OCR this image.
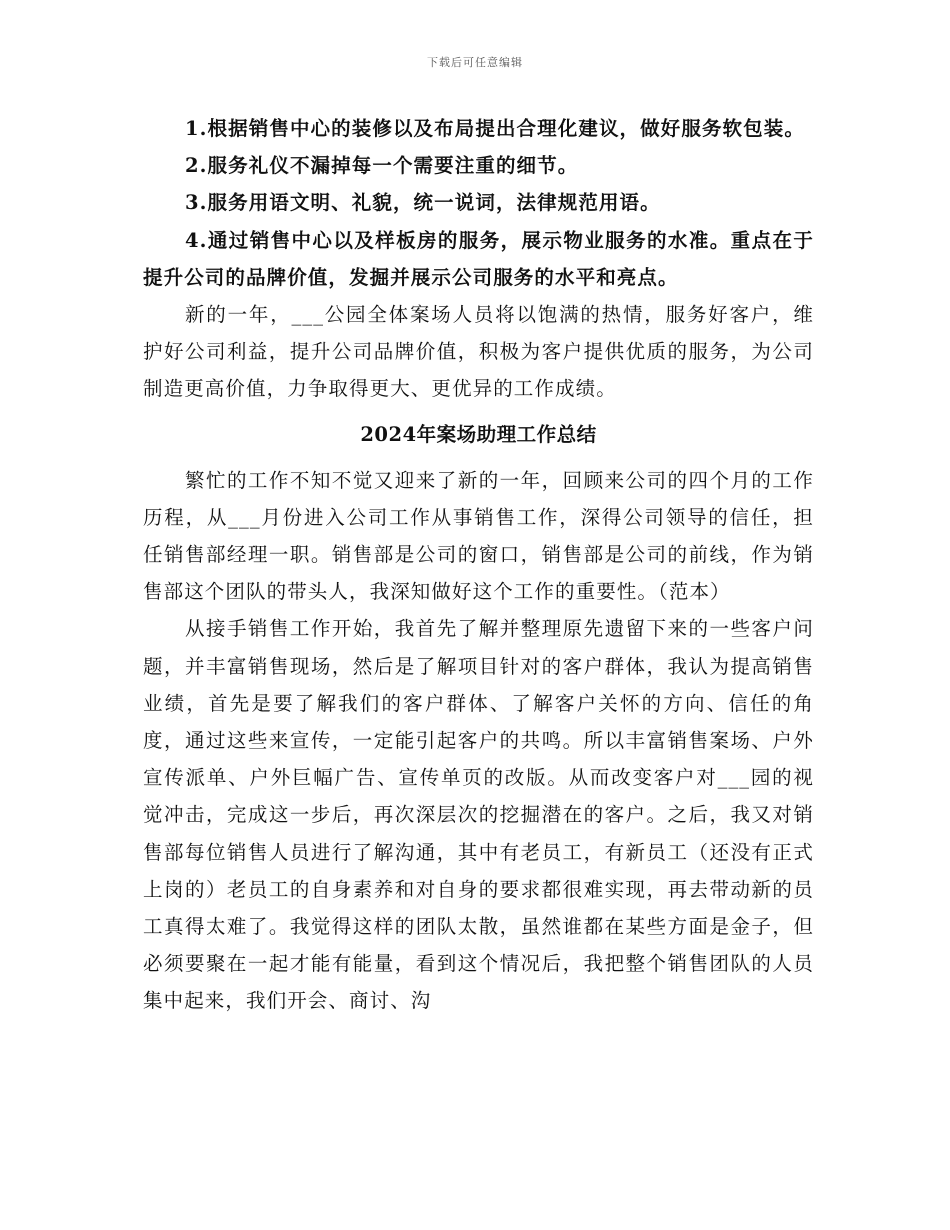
下载后可任意编辑

1.根据销售中心的装修以及布局提出合理化建议，做好服务软包装。

2.服务礼仪不漏掉每一个需要注重的细节。

3.服务用语文明、礼貌，统一说词，法律规范用语。

4.通过销售中心以及样板房的服务，展示物业服务的水准。重点在于提升公司的品牌价值，发掘并展示公司服务的水平和亮点。

新的一年，___公园全体案场人员将以饱满的热情，服务好客户，维护好公司利益，提升公司品牌价值，积极为客户提供优质的服务，为公司制造更高价值，力争取得更大、更优异的工作成绩。

2024年案场助理工作总结

繁忙的工作不知不觉又迎来了新的一年，回顾来公司的四个月的工作历程，从___月份进入公司工作从事销售工作，深得公司领导的信任，担任销售部经理一职。销售部是公司的窗口，销售部是公司的前线，作为销售部这个团队的带头人，我深知做好这个工作的重要性。（范本）

从接手销售工作开始，我首先了解并整理原先遗留下来的一些客户问题，并丰富销售现场，然后是了解项目针对的客户群体，我认为提高销售业绩，首先是要了解我们的客户群体、了解客户关怀的方向、信任的角度，通过这些来宣传，一定能引起客户的共鸣。所以丰富销售案场、户外宣传派单、户外巨幅广告、宣传单页的改版。从而改变客户对___园的视觉冲击，完成这一步后，再次深层次的挖掘潜在的客户。之后，我又对销售部每位销售人员进行了解沟通，其中有老员工，有新员工（还没有正式上岗的）老员工的自身素养和对自身的要求都很难实现，再去带动新的员工真得太难了。我觉得这样的团队太散，虽然谁都在某些方面是金子，但必须要聚在一起才能有能量，看到这个情况后，我把整个销售团队的人员集中起来，我们开会、商讨、沟
